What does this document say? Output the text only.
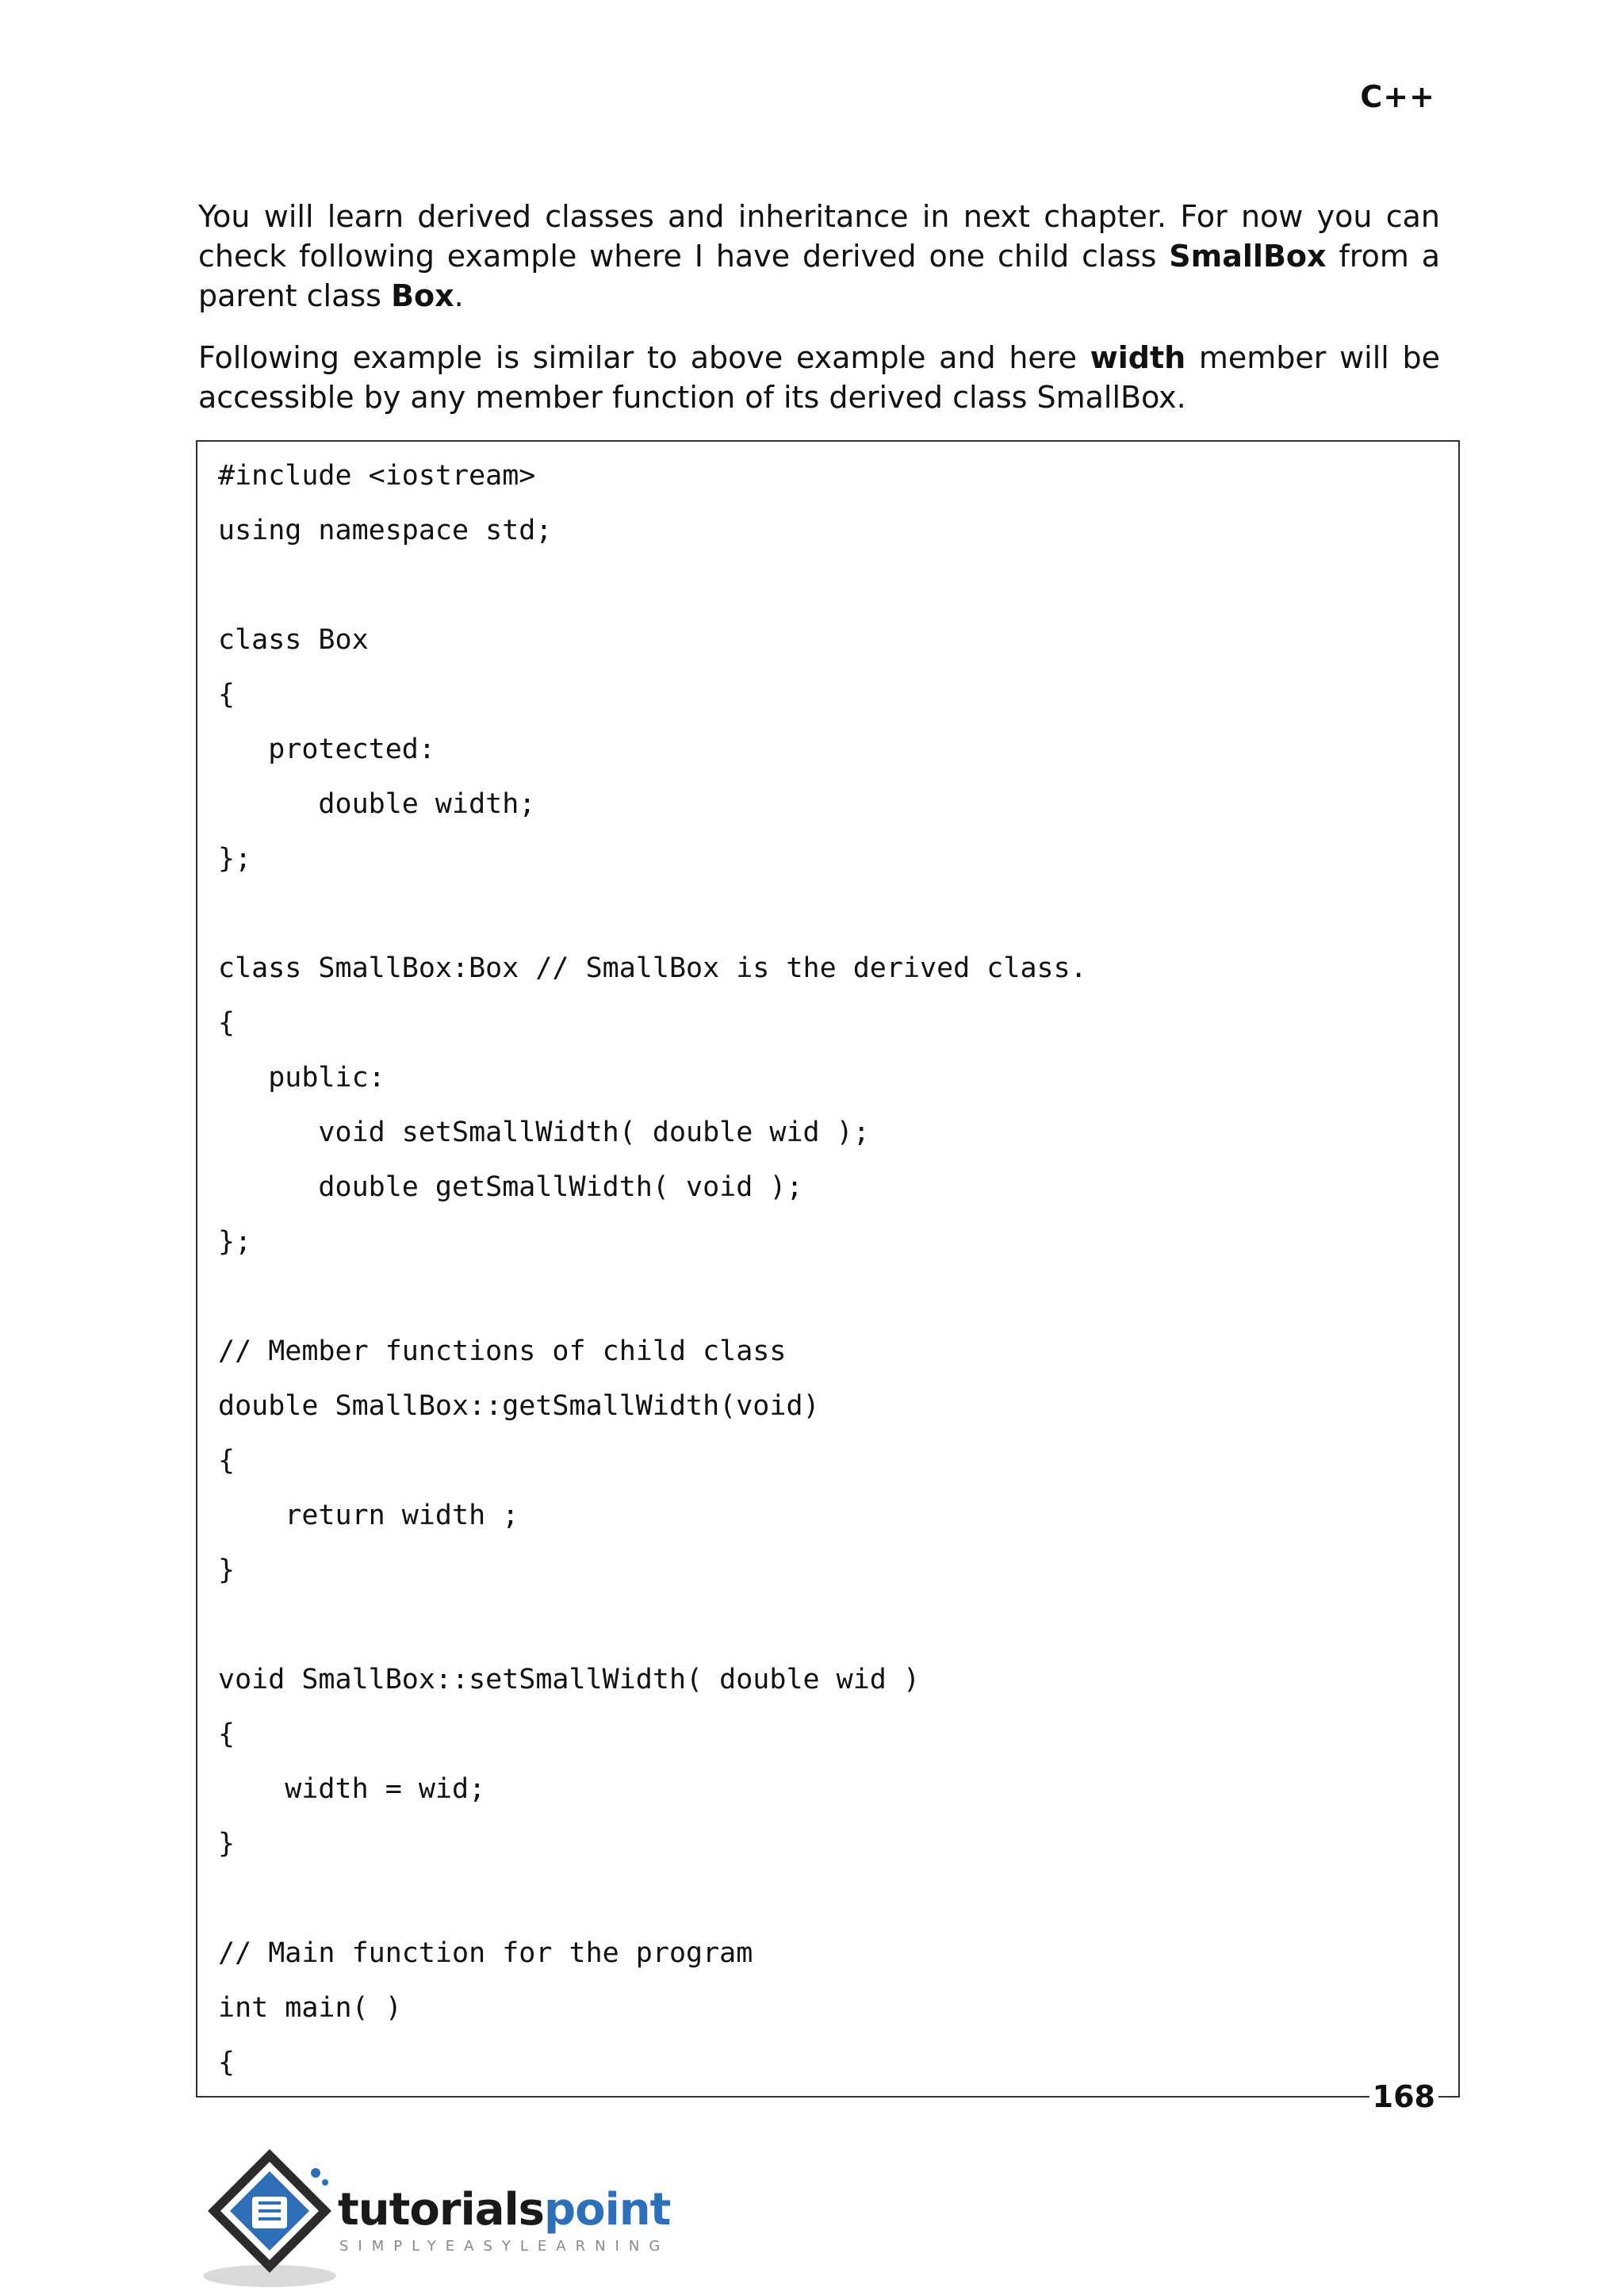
C++
You will learn derived classes and inheritance in next chapter. For now you can check following example where I have derived one child class SmallBox from a parent class Box.
Following example is similar to above example and here width member will be accessible by any member function of its derived class SmallBox.
#include <iostream>
using namespace std;
class Box
{
protected:
double width;
};
class SmallBox:Box // SmallBox is the derived class.
{
public:
void setSmallWidth( double wid );
double getSmallWidth( void );
};
// Member functions of child class
double SmallBox::getSmallWidth(void)
{
return width ;
}
void SmallBox::setSmallWidth( double wid )
{
width = wid;
}
// Main function for the program
int main( )
{
168
tutorialspoint
SIMPLYEASYLEARNING
